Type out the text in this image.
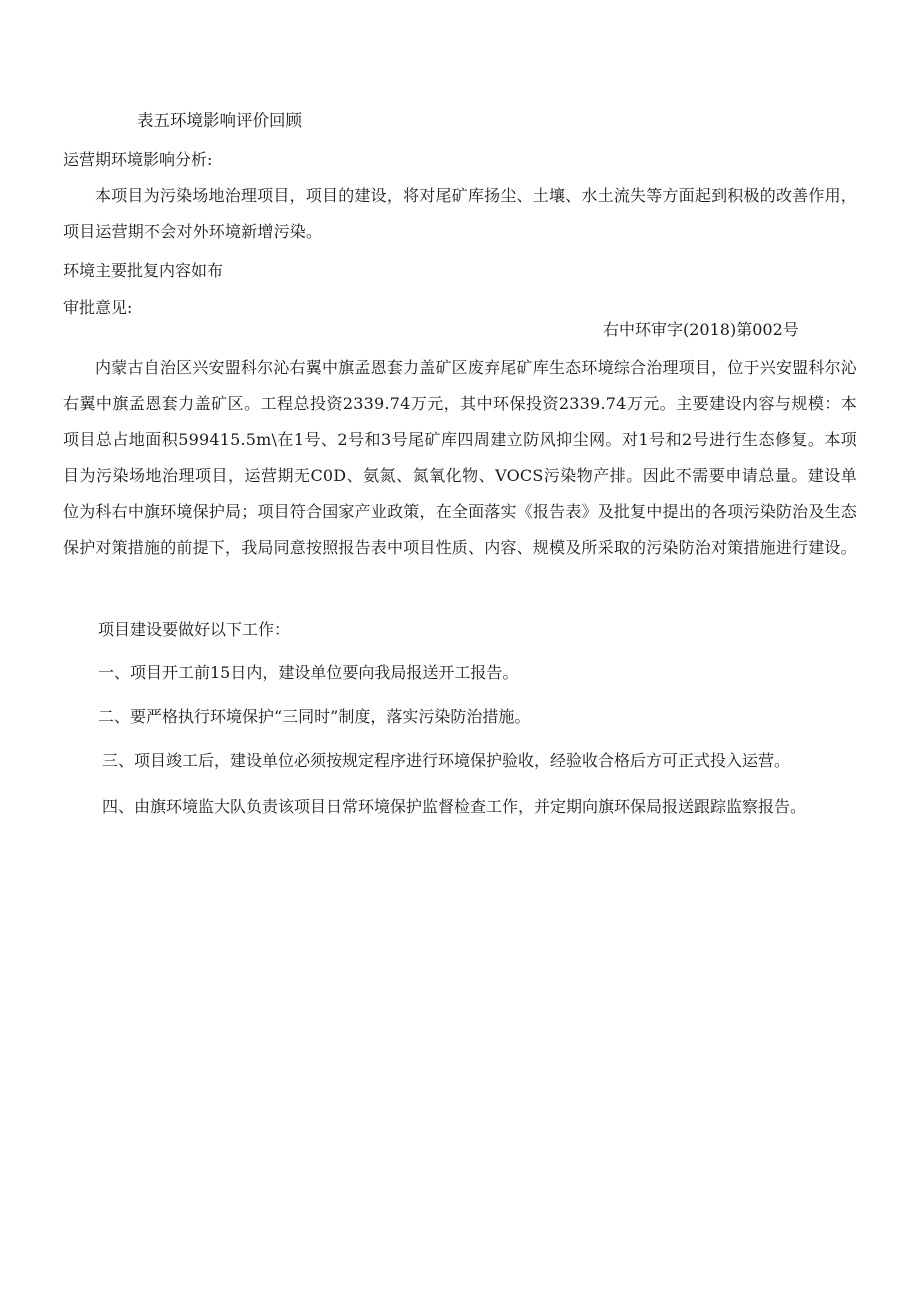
表五环境影响评价回顾
运营期环境影响分析:
本项目为污染场地治理项目，项目的建设，将对尾矿库扬尘、土壤、水土流失等方面起到积极的改善作用，项目运营期不会对外环境新增污染。
环境主要批复内容如布
审批意见:
右中环审字(2018)第002号
内蒙古自治区兴安盟科尔沁右翼中旗孟恩套力盖矿区废弃尾矿库生态环境综合治理项目，位于兴安盟科尔沁右翼中旗孟恩套力盖矿区。工程总投资2339.74万元，其中环保投资2339.74万元。主要建设内容与规模：本项目总占地面积599415.5m\在1号、2号和3号尾矿库四周建立防风抑尘网。对1号和2号进行生态修复。本项目为污染场地治理项目，运营期无C0D、氨氮、氮氧化物、VOCS污染物产排。因此不需要申请总量。建设单位为科右中旗环境保护局；项目符合国家产业政策，在全面落实《报告表》及批复中提出的各项污染防治及生态保护对策措施的前提下，我局同意按照报告表中项目性质、内容、规模及所采取的污染防治对策措施进行建设。
项目建设要做好以下工作：
一、项目开工前15日内，建设单位要向我局报送开工报告。
二、要严格执行环境保护“三同时”制度，落实污染防治措施。
三、项目竣工后，建设单位必须按规定程序进行环境保护验收，经验收合格后方可正式投入运营。
四、由旗环境监大队负责该项目日常环境保护监督检查工作，并定期向旗环保局报送跟踪监察报告。
